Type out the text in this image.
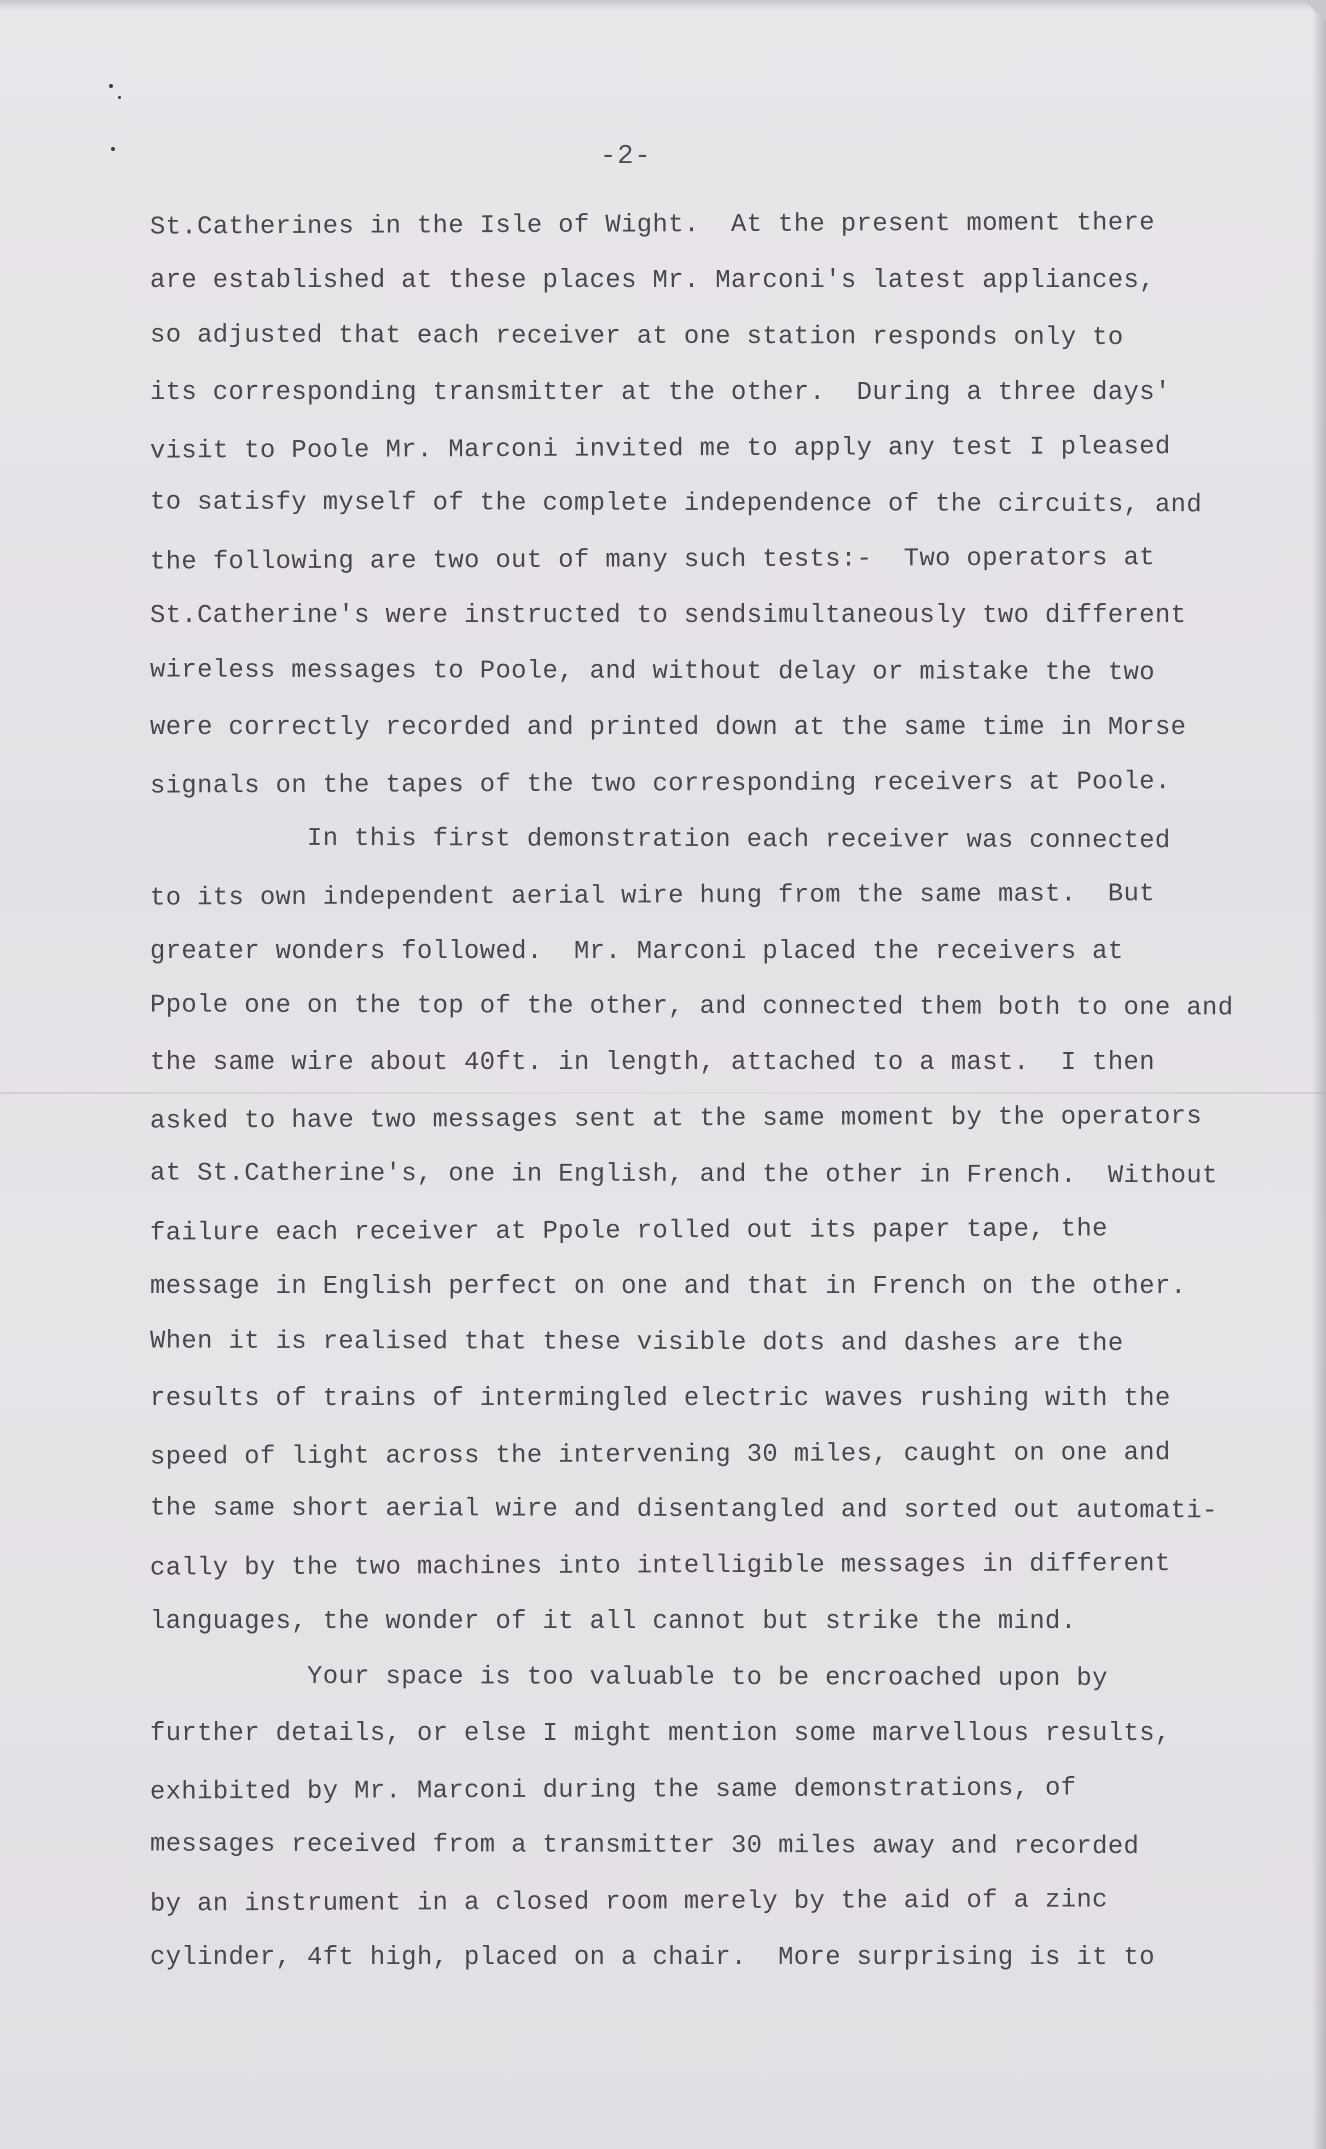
-2-
St.Catherines in the Isle of Wight.  At the present moment there
are established at these places Mr. Marconi's latest appliances,
so adjusted that each receiver at one station responds only to
its corresponding transmitter at the other.  During a three days'
visit to Poole Mr. Marconi invited me to apply any test I pleased
to satisfy myself of the complete independence of the circuits, and
the following are two out of many such tests:-  Two operators at
St.Catherine's were instructed to sendsimultaneously two different
wireless messages to Poole, and without delay or mistake the two
were correctly recorded and printed down at the same time in Morse
signals on the tapes of the two corresponding receivers at Poole.
In this first demonstration each receiver was connected
to its own independent aerial wire hung from the same mast.  But
greater wonders followed.  Mr. Marconi placed the receivers at
Ppole one on the top of the other, and connected them both to one and
the same wire about 40ft. in length, attached to a mast.  I then
asked to have two messages sent at the same moment by the operators
at St.Catherine's, one in English, and the other in French.  Without
failure each receiver at Ppole rolled out its paper tape, the
message in English perfect on one and that in French on the other.
When it is realised that these visible dots and dashes are the
results of trains of intermingled electric waves rushing with the
speed of light across the intervening 30 miles, caught on one and
the same short aerial wire and disentangled and sorted out automati-
cally by the two machines into intelligible messages in different
languages, the wonder of it all cannot but strike the mind.
Your space is too valuable to be encroached upon by
further details, or else I might mention some marvellous results,
exhibited by Mr. Marconi during the same demonstrations, of
messages received from a transmitter 30 miles away and recorded
by an instrument in a closed room merely by the aid of a zinc
cylinder, 4ft high, placed on a chair.  More surprising is it to
